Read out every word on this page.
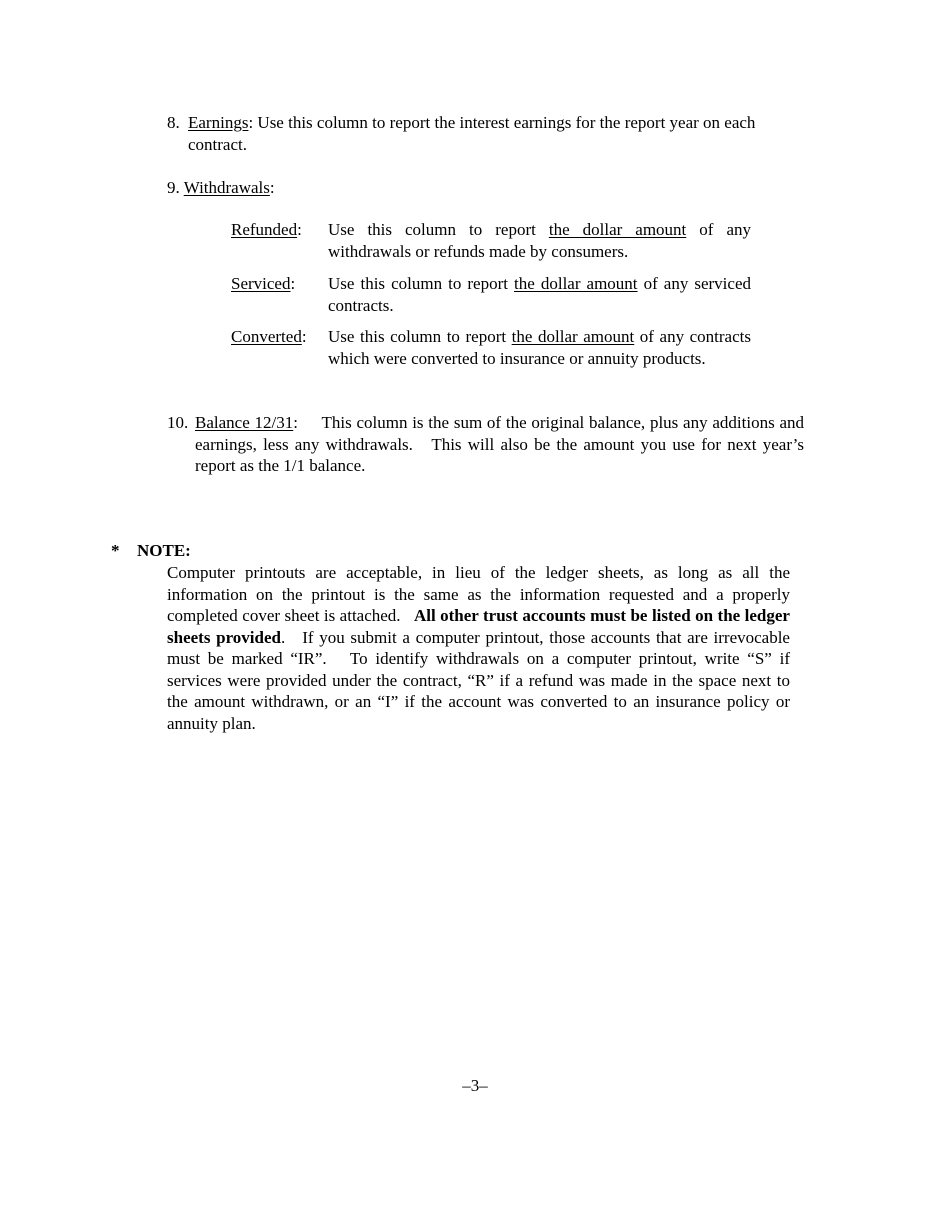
8. Earnings: Use this column to report the interest earnings for the report year on each contract.
9. Withdrawals:
Refunded: Use this column to report the dollar amount of any withdrawals or refunds made by consumers.
Serviced: Use this column to report the dollar amount of any serviced contracts.
Converted: Use this column to report the dollar amount of any contracts which were converted to insurance or annuity products.
10. Balance 12/31:     This column is the sum of the original balance, plus any additions and earnings, less any withdrawals.   This will also be the amount you use for next year’s report as the 1/1 balance.
* NOTE:
Computer printouts are acceptable, in lieu of the ledger sheets, as long as all the information on the printout is the same as the information requested and a properly completed cover sheet is attached.   All other trust accounts must be listed on the ledger sheets provided.   If you submit a computer printout, those accounts that are irrevocable must be marked “IR”.   To identify withdrawals on a computer printout, write “S” if services were provided under the contract, “R” if a refund was made in the space next to the amount withdrawn, or an “I” if the account was converted to an insurance policy or annuity plan.
–3–
